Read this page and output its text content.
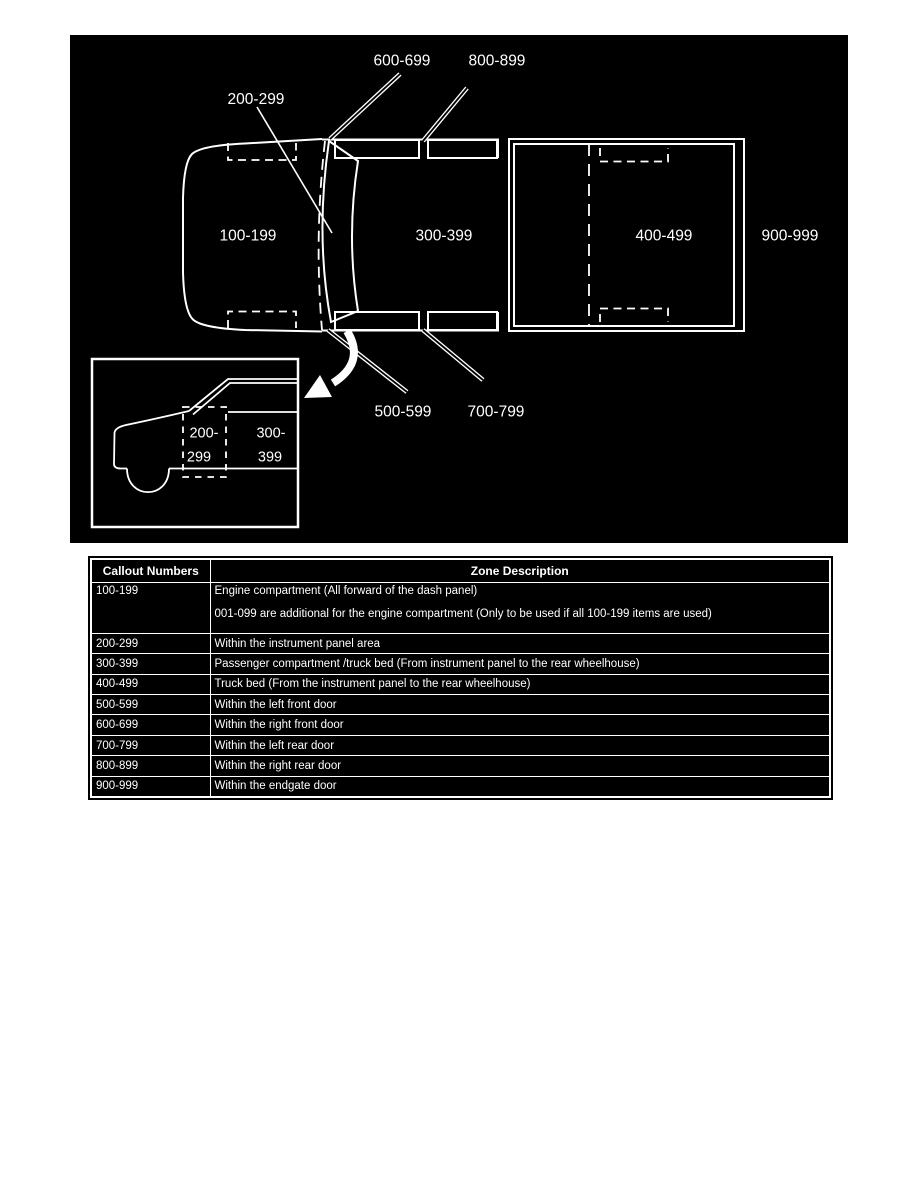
200-
299
300-
399
600-699 800-899
200-299
100-199	300-399	400-499	900-999
500-599 700-799
Callout Numbers	Zone Description
100-199	Engine compartment (All forward of the dash panel)
001-099 are additional for the engine compartment (Only to be used if all 100-199 items are used)

200-299	Within the instrument panel area
300-399	Passenger compartment /truck bed (From instrument panel to the rear wheelhouse)
400-499	Truck bed (From the instrument panel to the rear wheelhouse)
500-599	Within the left front door
600-699	Within the right front door
700-799	Within the left rear door
800-899	Within the right rear door
900-999	Within the endgate door
